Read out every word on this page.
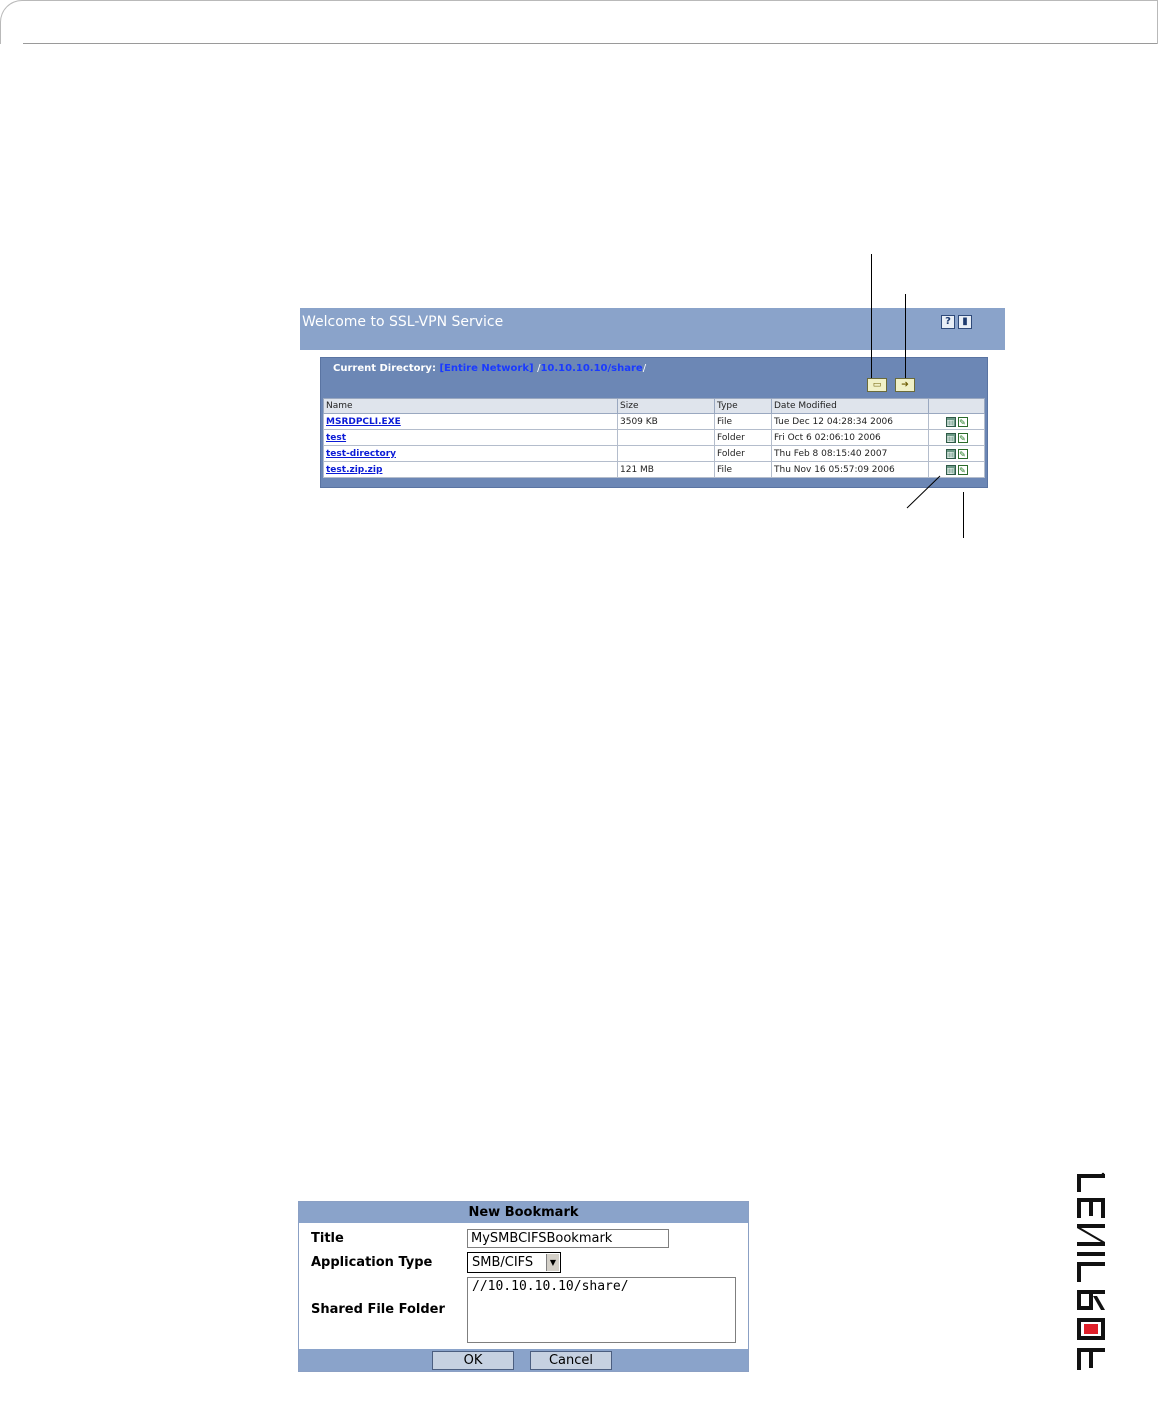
Welcome to SSL-VPN Service	?	▮
Current Directory: [Entire Network] /10.10.10.10/share/
▭	➔
Name	Size	Type	Date Modified	
MSRDPCLI.EXE	3509 KB	File	Tue Dec 12 04:28:34 2006	▥ ✎

test		Folder	Fri Oct 6 02:06:10 2006	▥ ✎

test-directory		Folder	Thu Feb 8 08:15:40 2007	▥ ✎

test.zip.zip	121 MB	File	Thu Nov 16 05:57:09 2006	▥ ✎
New Bookmark
Title
MySMBCIFSBookmark
Application Type	SMB/CIFS	▼
Shared File Folder
//10.10.10.10/share/
OK	Cancel
